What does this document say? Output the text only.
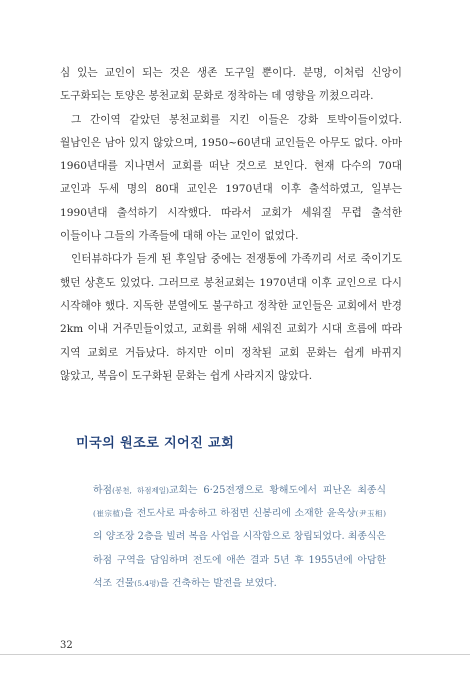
심 있는 교인이 되는 것은 생존 도구일 뿐이다. 분명, 이처럼 신앙이 도구화되는 토양은 봉천교회 문화로 정착하는 데 영향을 끼쳤으리라.

그 간이역 같았던 봉천교회를 지킨 이들은 강화 토박이들이었다. 월남인은 남아 있지 않았으며, 1950~60년대 교인들은 아무도 없다. 아마 1960년대를 지나면서 교회를 떠난 것으로 보인다. 현재 다수의 70대 교인과 두세 명의 80대 교인은 1970년대 이후 출석하였고, 일부는 1990년대 출석하기 시작했다. 따라서 교회가 세워질 무렵 출석한 이들이나 그들의 가족들에 대해 아는 교인이 없었다.

인터뷰하다가 듣게 된 후일담 중에는 전쟁통에 가족끼리 서로 죽이기도 했던 상흔도 있었다. 그러므로 봉천교회는 1970년대 이후 교인으로 다시 시작해야 했다. 지독한 분열에도 불구하고 정착한 교인들은 교회에서 반경 2km 이내 거주민들이었고, 교회를 위해 세워진 교회가 시대 흐름에 따라 지역 교회로 거듭났다. 하지만 이미 정착된 교회 문화는 쉽게 바뀌지 않았고, 복음이 도구화된 문화는 쉽게 사라지지 않았다.

미국의 원조로 지어진 교회

하점(봉천, 하점제일)교회는 6·25전쟁으로 황해도에서 피난온 최종식(崔宗植)을 전도사로 파송하고 하점면 신봉리에 소재한 윤옥상(尹玉相)의 양조장 2층을 빌려 복음 사업을 시작함으로 창립되었다. 최종식은 하점 구역을 담임하며 전도에 애쓴 결과 5년 후 1955년에 아담한 석조 건물(5.4평)을 건축하는 발전을 보였다.

32
